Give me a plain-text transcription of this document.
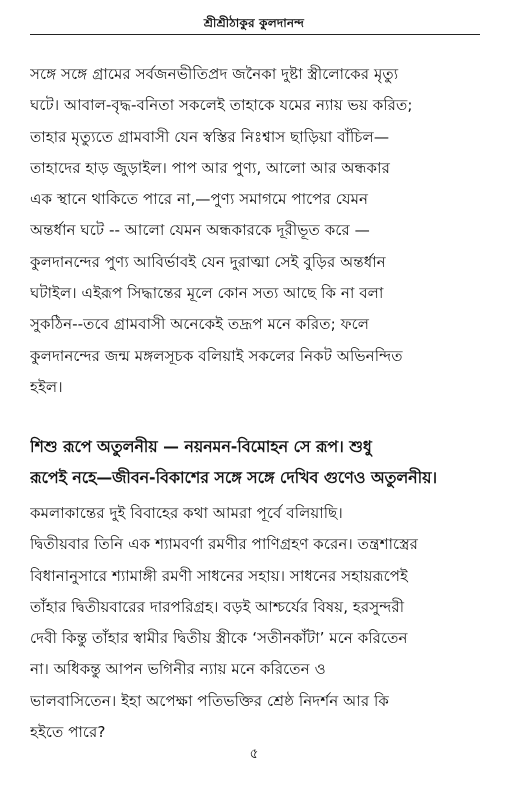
শ্রীশ্রীঠাকুর কুলদানন্দ
সঙ্গে সঙ্গে গ্রামের সর্বজনভীতিপ্রদ জনৈকা দুষ্টা স্ত্রীলোকের মৃত্যু
ঘটে। আবাল-বৃদ্ধ-বনিতা সকলেই তাহাকে যমের ন্যায় ভয় করিত;
তাহার মৃত্যুতে গ্রামবাসী যেন স্বস্তির নিঃশ্বাস ছাড়িয়া বাঁচিল—
তাহাদের হাড় জুড়াইল। পাপ আর পুণ্য, আলো আর অন্ধকার
এক স্থানে থাকিতে পারে না,—পুণ্য সমাগমে পাপের যেমন
অন্তর্ধান ঘটে -- আলো যেমন অন্ধকারকে দূরীভূত করে —
কুলদানন্দের পুণ্য আবির্ভাবই যেন দুরাত্মা সেই বুড়ির অন্তর্ধান
ঘটাইল। এইরূপ সিদ্ধান্তের মূলে কোন সত্য আছে কি না বলা
সুকঠিন--তবে গ্রামবাসী অনেকেই তদ্রূপ মনে করিত; ফলে
কুলদানন্দের জন্ম মঙ্গলসূচক বলিয়াই সকলের নিকট অভিনন্দিত
হইল।
শিশু রূপে অতুলনীয় — নয়নমন-বিমোহন সে রূপ। শুধু
রূপেই নহে—জীবন-বিকাশের সঙ্গে সঙ্গে দেখিব গুণেও অতুলনীয়।
কমলাকান্তের দুই বিবাহের কথা আমরা পূর্বে বলিয়াছি।
দ্বিতীয়বার তিনি এক শ্যামবর্ণা রমণীর পাণিগ্রহণ করেন। তন্ত্রশাস্ত্রের
বিধানানুসারে শ্যামাঙ্গী রমণী সাধনের সহায়। সাধনের সহায়রূপেই
তাঁহার দ্বিতীয়বারের দারপরিগ্রহ। বড়ই আশ্চর্যের বিষয়, হরসুন্দরী
দেবী কিন্তু তাঁহার স্বামীর দ্বিতীয় স্ত্রীকে ‘সতীনকাঁটা’ মনে করিতেন
না। অধিকন্তু আপন ভগিনীর ন্যায় মনে করিতেন ও
ভালবাসিতেন। ইহা অপেক্ষা পতিভক্তির শ্রেষ্ঠ নিদর্শন আর কি
হইতে পারে?
৫
